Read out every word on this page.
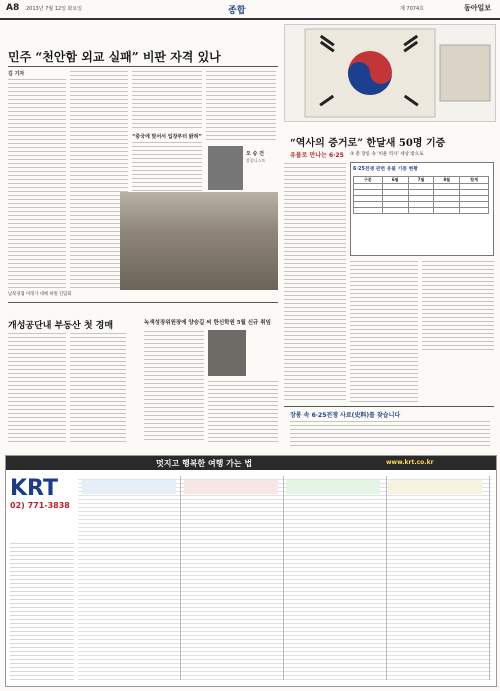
A8 2013년 7월 12일 화요일	종합	제 7074호	동아일보
민주 “천안함 외교 실패” 비판 자격 있나
김 기자
“중국에 맞서서 입장부터 밝혀”
오 승 건
칼럼니스트
남북경협 미래가 대해 하원 간담회
개성공단내 부동산 첫 경매	녹색성장위원장에 양승길 씨 한신학원 5월 신규 취임
“역사의 증거로” 한달새 50명 기증
유물로 만나는 6·25 ③ 총 장롱 속 ‘비운 역사’ 세상 밖으로
6·25전쟁 관련 유물 기증 현황
구분	6월	7월	8월	합계

장롱 속 6·25전쟁 사료(史料)를 찾습니다
멋지고 행복한 여행 가는 법	www.krt.co.kr
KRT
02) 771-3838
